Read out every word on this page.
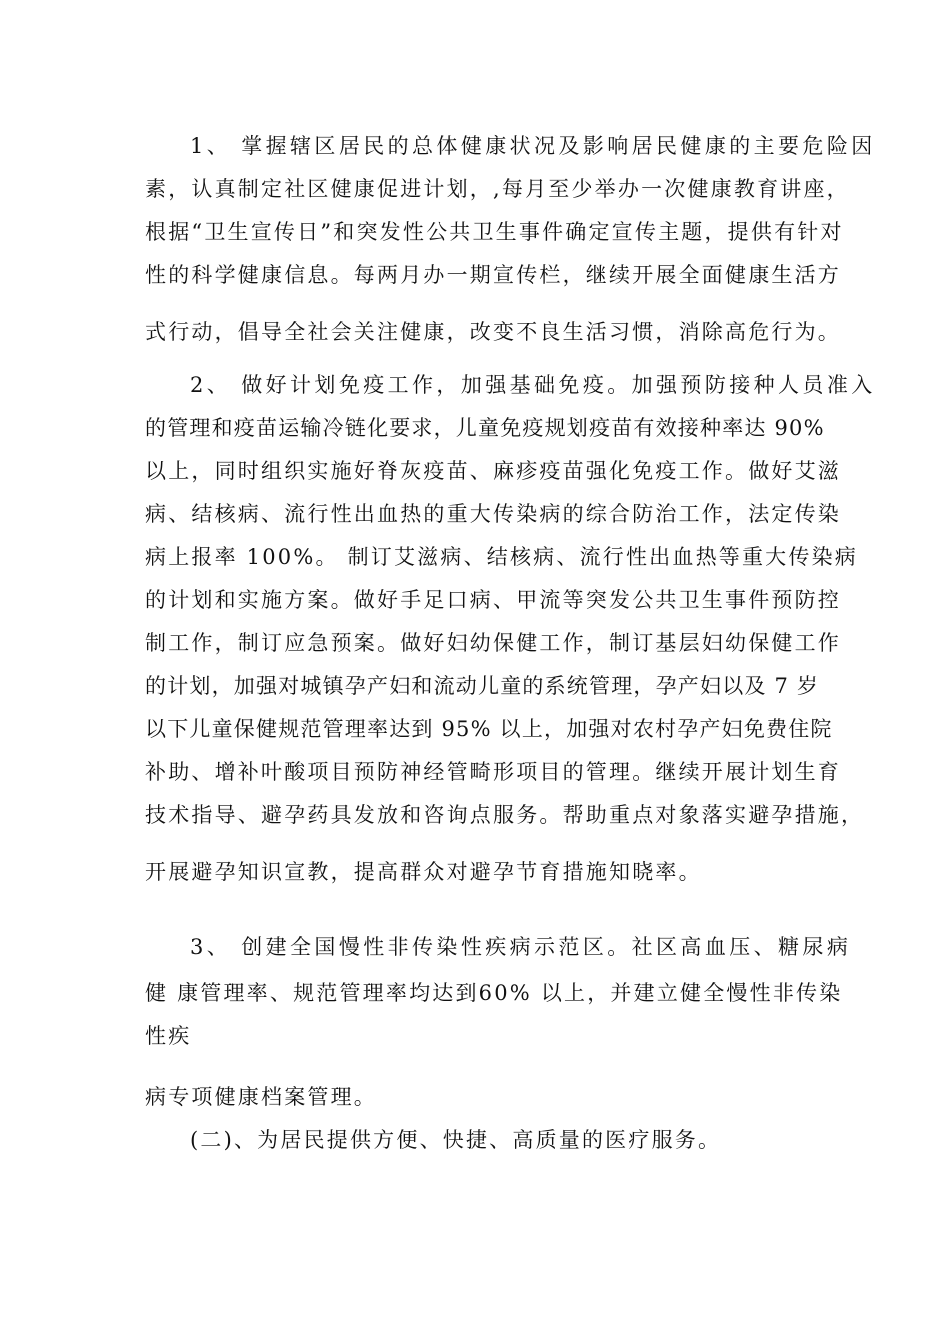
1、 掌握辖区居民的总体健康状况及影响居民健康的主要危险因
素，认真制定社区健康促进计划，,每月至少举办一次健康教育讲座，
根据“卫生宣传日”和突发性公共卫生事件确定宣传主题，提供有针对
性的科学健康信息。每两月办一期宣传栏，继续开展全面健康生活方
式行动，倡导全社会关注健康，改变不良生活习惯，消除高危行为。
2、 做好计划免疫工作，加强基础免疫。加强预防接种人员准入
的管理和疫苗运输冷链化要求，儿童免疫规划疫苗有效接种率达 90%
以上，同时组织实施好脊灰疫苗、麻疹疫苗强化免疫工作。做好艾滋
病、结核病、流行性出血热的重大传染病的综合防治工作，法定传染
病上报率 100%。 制订艾滋病、结核病、流行性出血热等重大传染病
的计划和实施方案。做好手足口病、甲流等突发公共卫生事件预防控
制工作，制订应急预案。做好妇幼保健工作，制订基层妇幼保健工作
的计划，加强对城镇孕产妇和流动儿童的系统管理，孕产妇以及 7 岁
以下儿童保健规范管理率达到 95% 以上，加强对农村孕产妇免费住院
补助、增补叶酸项目预防神经管畸形项目的管理。继续开展计划生育
技术指导、避孕药具发放和咨询点服务。帮助重点对象落实避孕措施，
开展避孕知识宣教，提高群众对避孕节育措施知晓率。
3、 创建全国慢性非传染性疾病示范区。社区高血压、糖尿病
健 康管理率、规范管理率均达到60% 以上，并建立健全慢性非传染
性疾
病专项健康档案管理。
(二)、为居民提供方便、快捷、高质量的医疗服务。
